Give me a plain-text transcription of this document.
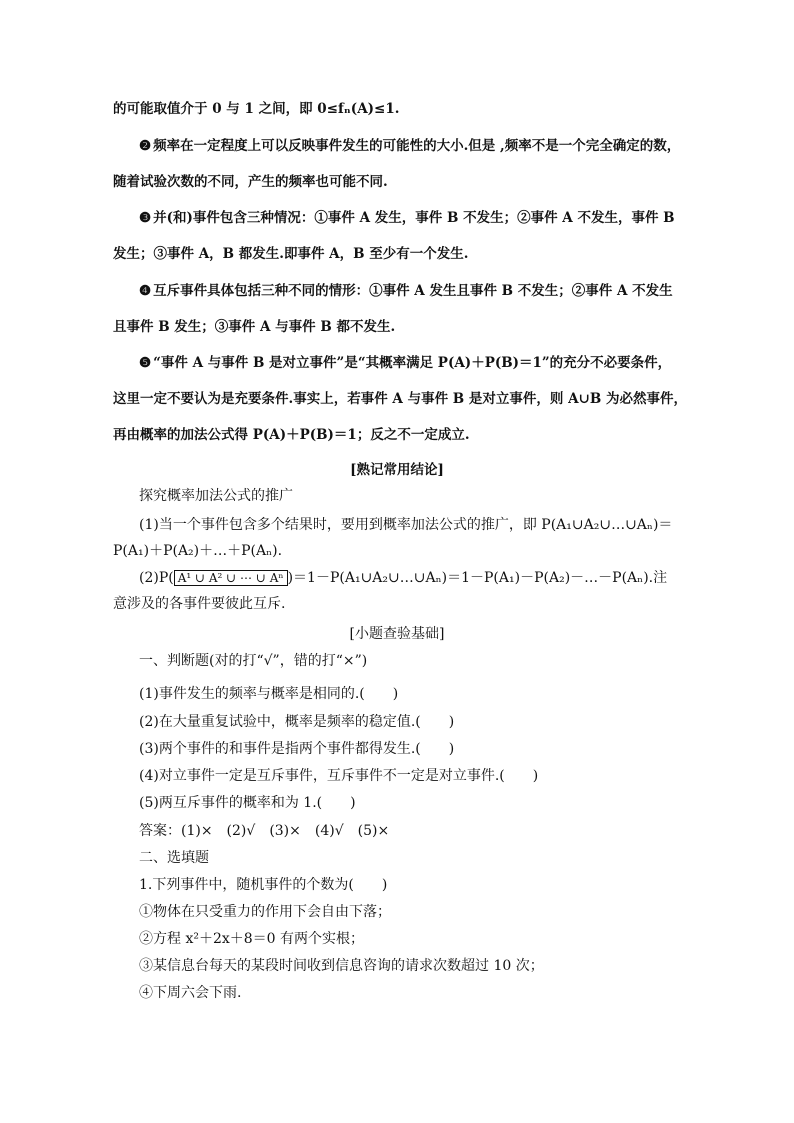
的可能取值介于 0 与 1 之间，即 0≤fₙ(A)≤1.
❷ 频率在一定程度上可以反映事件发生的可能性的大小.但是 ,频率不是一个完全确定的数，
随着试验次数的不同，产生的频率也可能不同.
❸ 并(和)事件包含三种情况：①事件 A 发生，事件 B 不发生；②事件 A 不发生，事件 B
发生；③事件 A，B 都发生.即事件 A，B 至少有一个发生.
❹ 互斥事件具体包括三种不同的情形：①事件 A 发生且事件 B 不发生；②事件 A 不发生
且事件 B 发生；③事件 A 与事件 B 都不发生.
❺ “事件 A 与事件 B 是对立事件”是“其概率满足 P(A)＋P(B)＝1”的充分不必要条件，
这里一定不要认为是充要条件.事实上，若事件 A 与事件 B 是对立事件，则 A∪B 为必然事件，
再由概率的加法公式得 P(A)＋P(B)＝1；反之不一定成立.
[熟记常用结论]
探究概率加法公式的推广
(1)当一个事件包含多个结果时，要用到概率加法公式的推广，即 P(A₁∪A₂∪…∪Aₙ)＝
P(A₁)＋P(A₂)＋…＋P(Aₙ).
(2)P( A¹ ∪ A² ∪ ⋯ ∪ Aⁿ )＝1－P(A₁∪A₂∪…∪Aₙ)＝1－P(A₁)－P(A₂)－…－P(Aₙ).注
意涉及的各事件要彼此互斥.
[小题查验基础]
一、判断题(对的打“√”，错的打“×”)
(1)事件发生的频率与概率是相同的.(　　)
(2)在大量重复试验中，概率是频率的稳定值.(　　)
(3)两个事件的和事件是指两个事件都得发生.(　　)
(4)对立事件一定是互斥事件，互斥事件不一定是对立事件.(　　)
(5)两互斥事件的概率和为 1.(　　)
答案：(1)×　(2)√　(3)×　(4)√　(5)×
二、选填题
1.下列事件中，随机事件的个数为(　　)
①物体在只受重力的作用下会自由下落；
②方程 x²＋2x＋8＝0 有两个实根；
③某信息台每天的某段时间收到信息咨询的请求次数超过 10 次；
④下周六会下雨.
